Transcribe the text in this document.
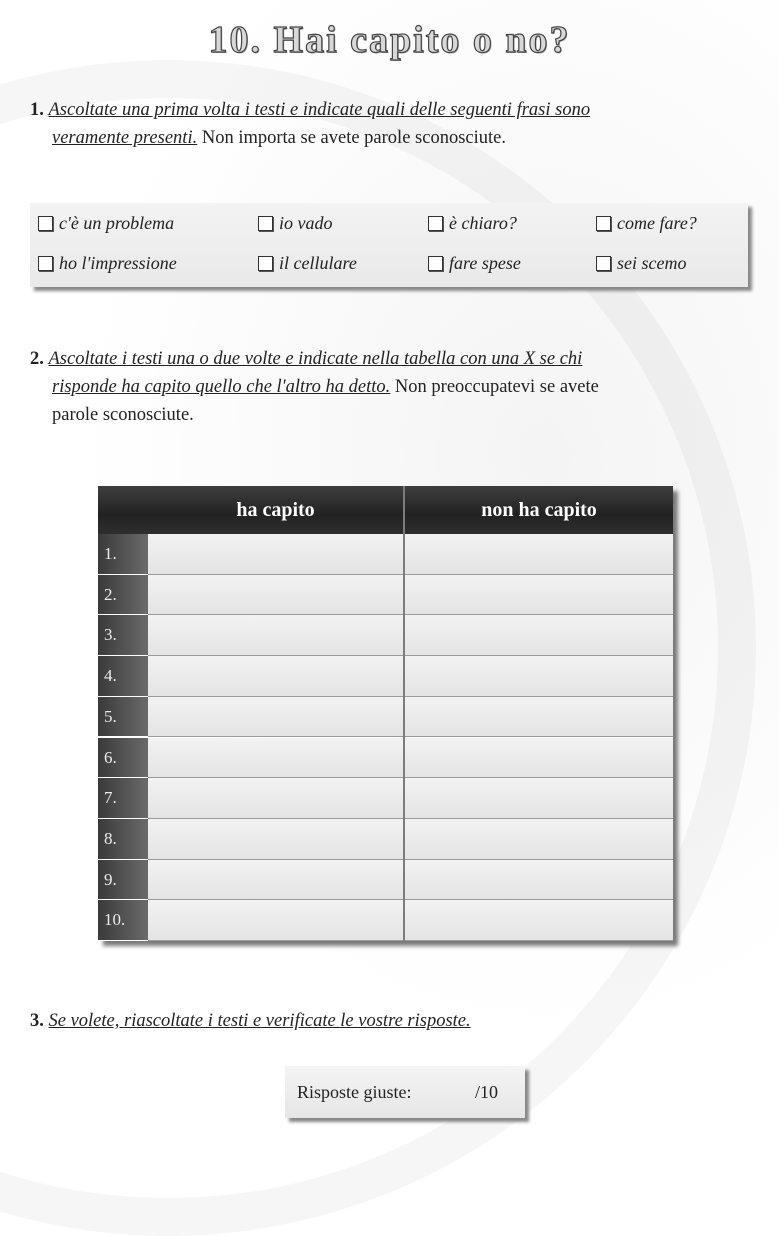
10. Hai capito o no?
1. Ascoltate una prima volta i testi e indicate quali delle seguenti frasi sono
veramente presenti. Non importa se avete parole sconosciute.
c'è un problema	io vado	è chiaro?	come fare?
ho l'impressione	il cellulare	fare spese	sei scemo
2. Ascoltate i testi una o due volte e indicate nella tabella con una X se chi
risponde ha capito quello che l'altro ha detto. Non preoccupatevi se avete
parole sconosciute.
ha capito	non ha capito
1.
2.
3.
4.
5.
6.
7.
8.
9.
10.
3. Se volete, riascoltate i testi e verificate le vostre risposte.
Risposte giuste:	/10
